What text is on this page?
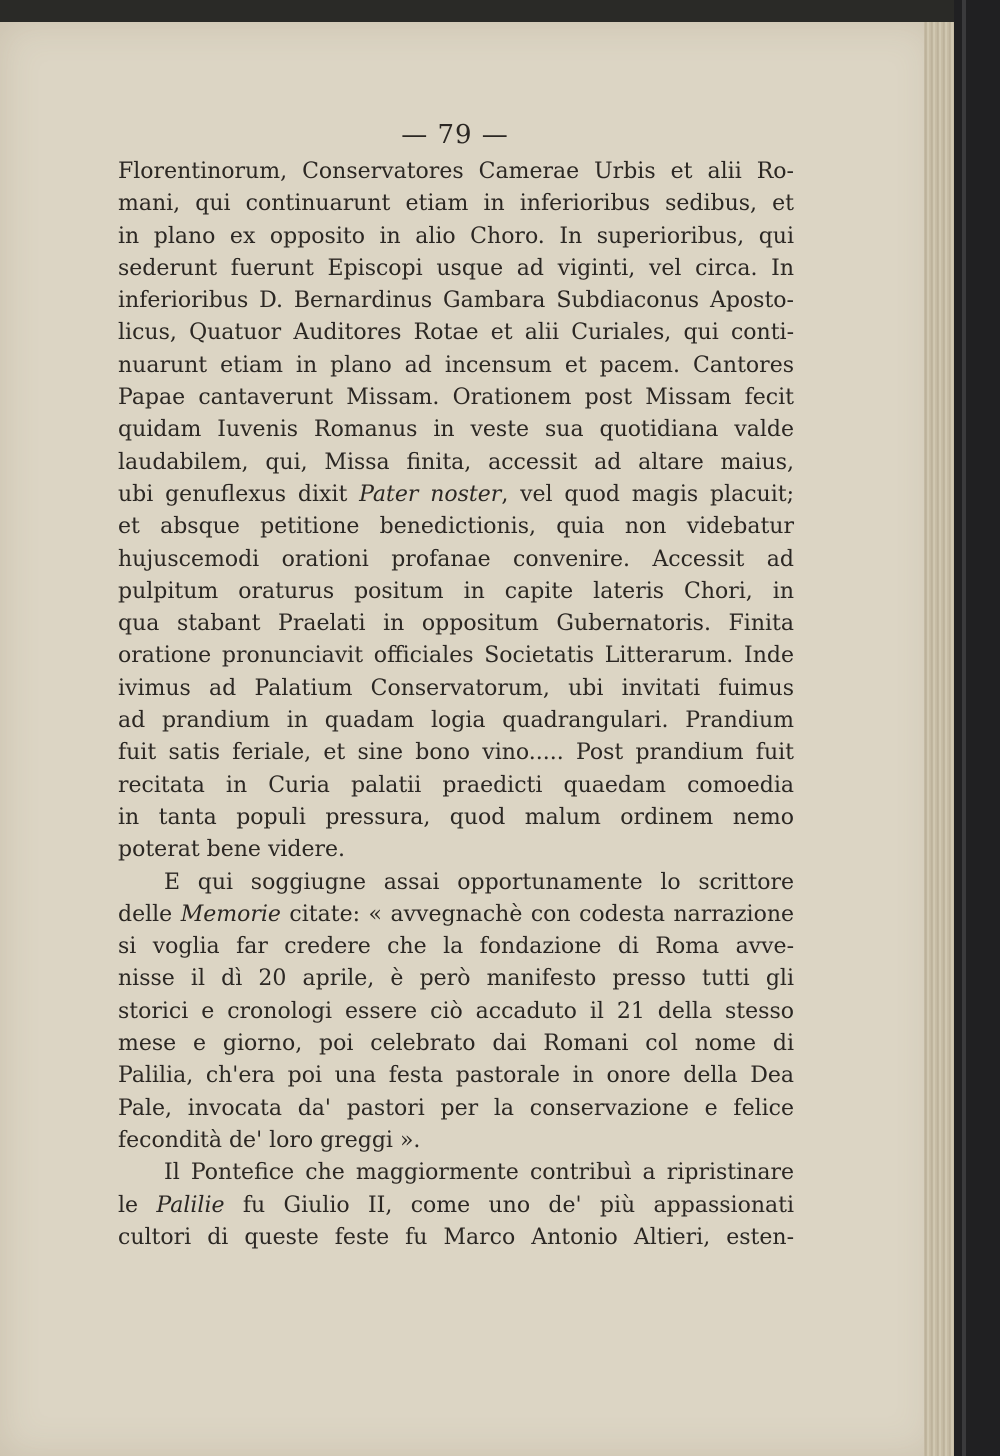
— 79 —
Florentinorum, Conservatores Camerae Urbis et alii Ro-
mani, qui continuarunt etiam in inferioribus sedibus, et
in plano ex opposito in alio Choro. In superioribus, qui
sederunt fuerunt Episcopi usque ad viginti, vel circa. In
inferioribus D. Bernardinus Gambara Subdiaconus Aposto-
licus, Quatuor Auditores Rotae et alii Curiales, qui conti-
nuarunt etiam in plano ad incensum et pacem. Cantores
Papae cantaverunt Missam. Orationem post Missam fecit
quidam Iuvenis Romanus in veste sua quotidiana valde
laudabilem, qui, Missa finita, accessit ad altare maius,
ubi genuflexus dixit Pater noster, vel quod magis placuit;
et absque petitione benedictionis, quia non videbatur
hujuscemodi orationi profanae convenire. Accessit ad
pulpitum oraturus positum in capite lateris Chori, in
qua stabant Praelati in oppositum Gubernatoris. Finita
oratione pronunciavit officiales Societatis Litterarum. Inde
ivimus ad Palatium Conservatorum, ubi invitati fuimus
ad prandium in quadam logia quadrangulari. Prandium
fuit satis feriale, et sine bono vino..... Post prandium fuit
recitata in Curia palatii praedicti quaedam comoedia
in tanta populi pressura, quod malum ordinem nemo
poterat bene videre.
E qui soggiugne assai opportunamente lo scrittore
delle Memorie citate: « avvegnachè con codesta narrazione
si voglia far credere che la fondazione di Roma avve-
nisse il dì 20 aprile, è però manifesto presso tutti gli
storici e cronologi essere ciò accaduto il 21 della stesso
mese e giorno, poi celebrato dai Romani col nome di
Palilia, ch'era poi una festa pastorale in onore della Dea
Pale, invocata da' pastori per la conservazione e felice
fecondità de' loro greggi ».
Il Pontefice che maggiormente contribuì a ripristinare
le Palilie fu Giulio II, come uno de' più appassionati
cultori di queste feste fu Marco Antonio Altieri, esten-
